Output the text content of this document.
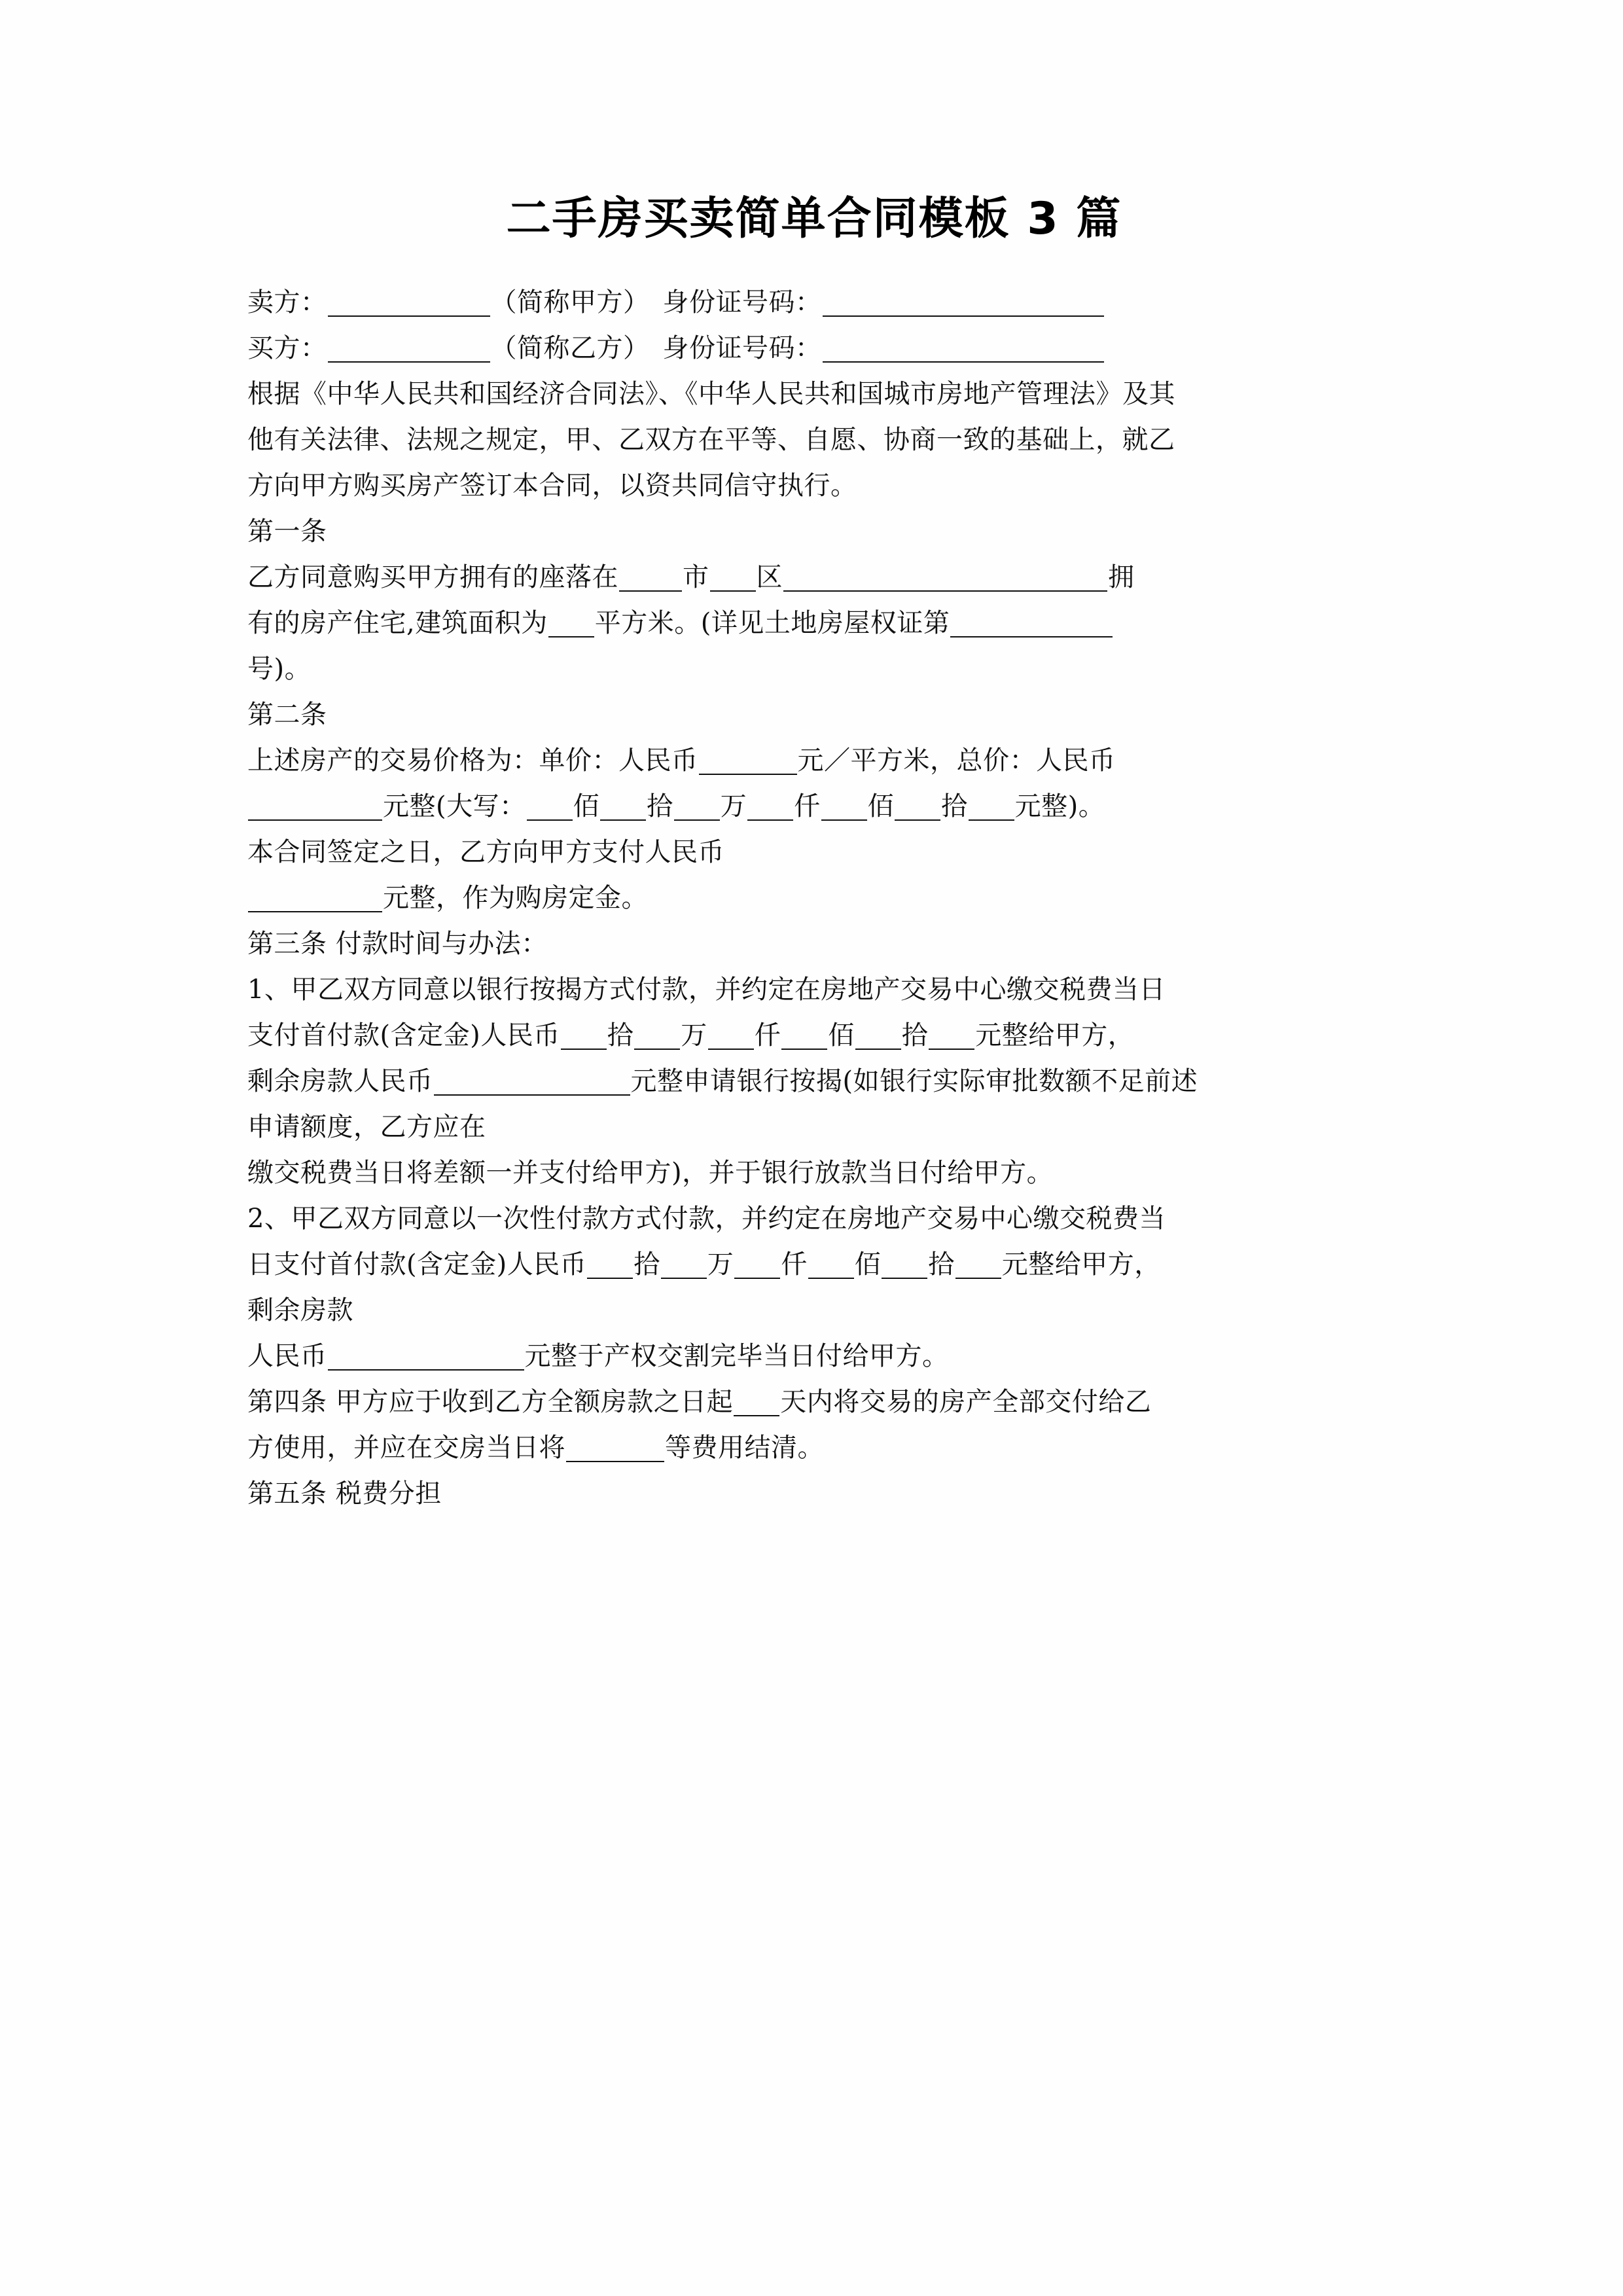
二手房买卖简单合同模板 3 篇
卖方：	（简称甲方） 身份证号码：
买方：	（简称乙方） 身份证号码：
根据《中华人民共和国经济合同法》、《中华人民共和国城市房地产管理法》及其
他有关法律、法规之规定，甲、乙双方在平等、自愿、协商一致的基础上，就乙
方向甲方购买房产签订本合同，以资共同信守执行。
第一条
乙方同意购买甲方拥有的座落在 市 区	拥
有的房产住宅,建筑面积为 平方米。(详见土地房屋权证第
号)。
第二条
上述房产的交易价格为：单价：人民币	元／平方米，总价：人民币
元整(大写： 佰 拾 万 仟 佰 拾 元整)。
本合同签定之日，乙方向甲方支付人民币
元整，作为购房定金。
第三条 付款时间与办法：
1、甲乙双方同意以银行按揭方式付款，并约定在房地产交易中心缴交税费当日
支付首付款(含定金)人民币 拾 万 仟 佰 拾 元整给甲方，
剩余房款人民币	元整申请银行按揭(如银行实际审批数额不足前述
申请额度，乙方应在
缴交税费当日将差额一并支付给甲方)，并于银行放款当日付给甲方。
2、甲乙双方同意以一次性付款方式付款，并约定在房地产交易中心缴交税费当
日支付首付款(含定金)人民币 拾 万 仟 佰 拾 元整给甲方，
剩余房款
人民币	元整于产权交割完毕当日付给甲方。
第四条 甲方应于收到乙方全额房款之日起 天内将交易的房产全部交付给乙
方使用，并应在交房当日将	等费用结清。
第五条 税费分担
